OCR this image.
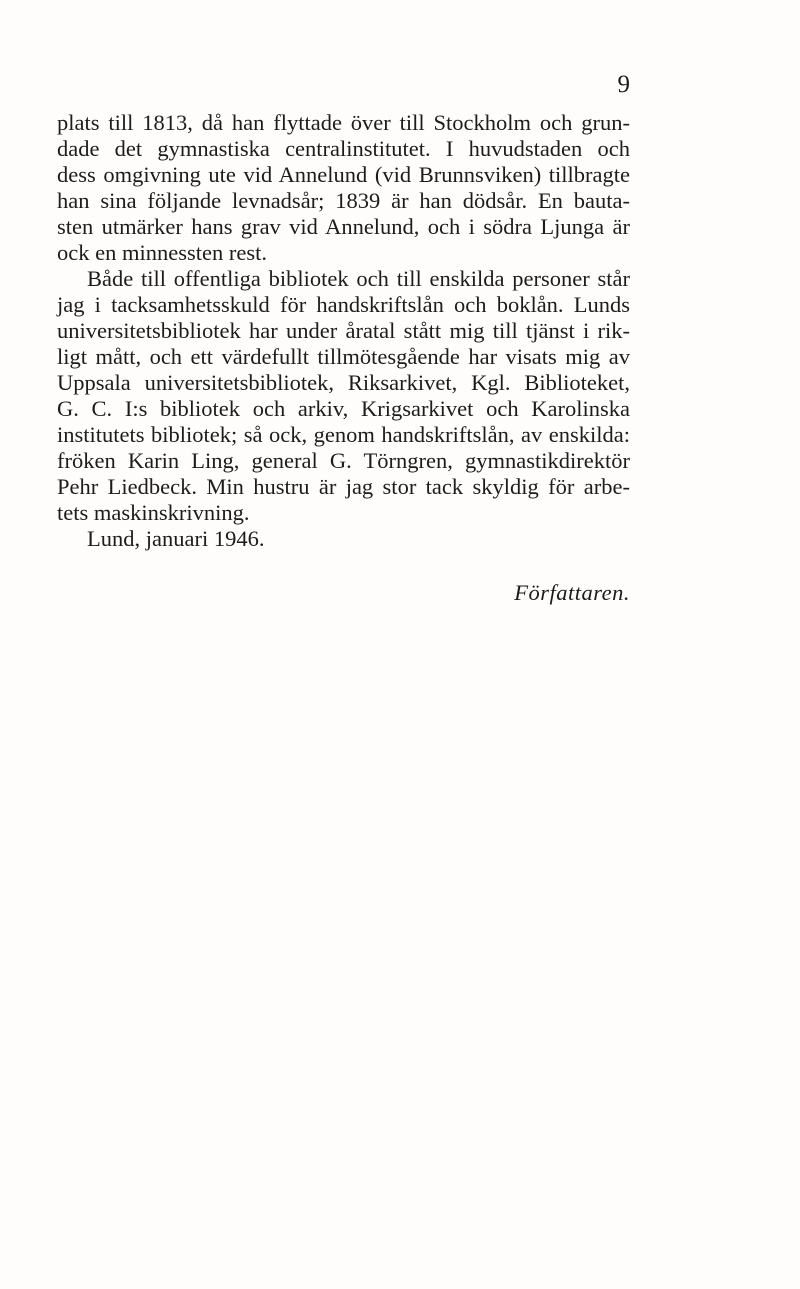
9
plats till 1813, då han flyttade över till Stockholm och grun-
dade det gymnastiska centralinstitutet. I huvudstaden och
dess omgivning ute vid Annelund (vid Brunnsviken) tillbragte
han sina följande levnadsår; 1839 är han dödsår. En bauta-
sten utmärker hans grav vid Annelund, och i södra Ljunga är
ock en minnessten rest.
Både till offentliga bibliotek och till enskilda personer står
jag i tacksamhetsskuld för handskriftslån och boklån. Lunds
universitetsbibliotek har under åratal stått mig till tjänst i rik-
ligt mått, och ett värdefullt tillmötesgående har visats mig av
Uppsala universitetsbibliotek, Riksarkivet, Kgl. Biblioteket,
G. C. I:s bibliotek och arkiv, Krigsarkivet och Karolinska
institutets bibliotek; så ock, genom handskriftslån, av enskilda:
fröken Karin Ling, general G. Törngren, gymnastikdirektör
Pehr Liedbeck. Min hustru är jag stor tack skyldig för arbe-
tets maskinskrivning.
Lund, januari 1946.
Författaren.
